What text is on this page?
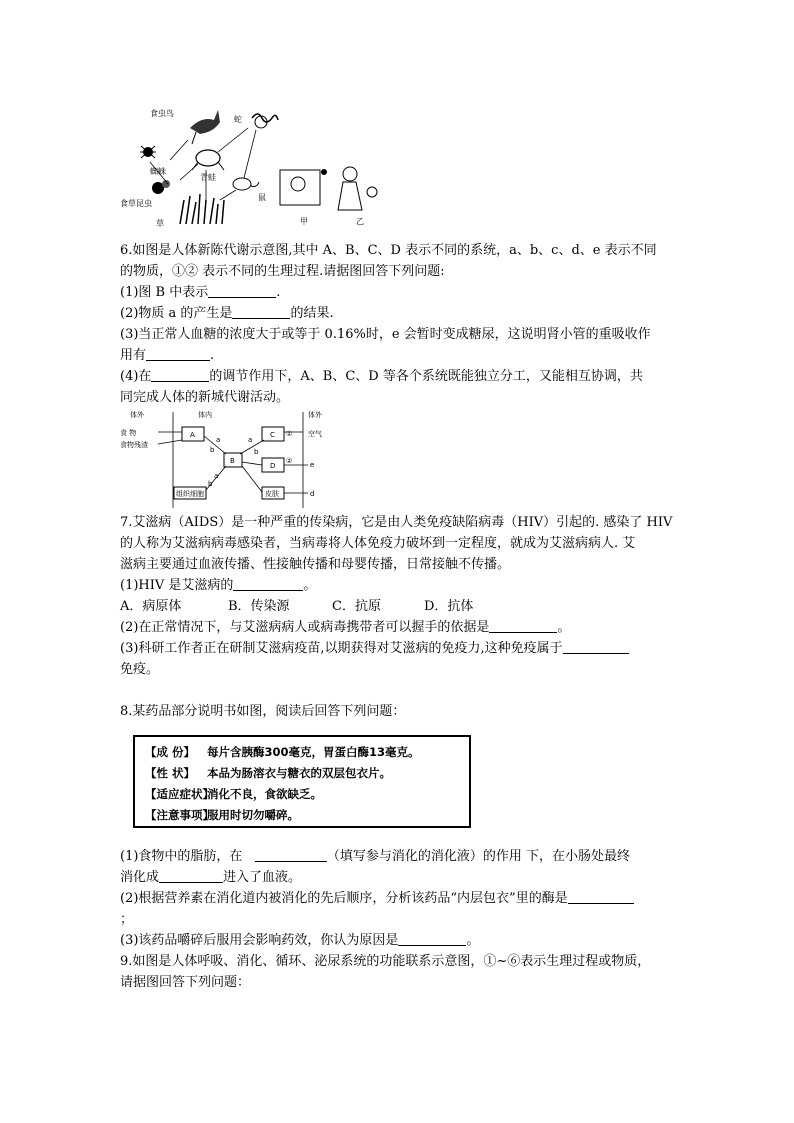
食虫鸟
蛇
蜘蛛
青蛙
食草昆虫
鼠
草	甲	乙
6.如图是人体新陈代谢示意图,其中 A、B、C、D 表示不同的系统，a、b、c、d、e 表示不同
的物质，①② 表示不同的生理过程.请据图回答下列问题:
(1)图 B 中表示	.
(2)物质 a 的产生是	的结果.
(3)当正常人血糖的浓度大于或等于 0.16%时，e 会暂时变成糖尿，这说明肾小管的重吸收作
用有	.
(4)在	的调节作用下，A、B、C、D 等各个系统既能独立分工，又能相互协调，共
同完成人体的新城代谢活动。
体外	体内	体外
食 物
食物残渣
A
B
C
D
组织细胞	皮肤
①
②
空气
a
b
a
b
a
b
e
d
7.艾滋病（AIDS）是一种严重的传染病，它是由人类免疫缺陷病毒（HIV）引起的. 感染了 HIV
的人称为艾滋病病毒感染者，当病毒将人体免疫力破坏到一定程度，就成为艾滋病病人. 艾
滋病主要通过血液传播、性接触传播和母婴传播，日常接触不传播。
(1)HIV 是艾滋病的	。
A．病原体	B．传染源	C．抗原	D．抗体
(2)在正常情况下，与艾滋病病人或病毒携带者可以握手的依据是	。
(3)科研工作者正在研制艾滋病疫苗,以期获得对艾滋病的免疫力,这种免疫属于
免疫。
8.某药品部分说明书如图，阅读后回答下列问题：
【成 份】 每片含胰酶300毫克，胃蛋白酶13毫克。
【性 状】 本品为肠溶衣与糖衣的双层包衣片。
【适应症状】消化不良，食欲缺乏。
【注意事项】服用时切勿嚼碎。
(1)食物中的脂肪，在	（填写参与消化的消化液）的作用 下，在小肠处最终
消化成	进入了血液。
(2)根据营养素在消化道内被消化的先后顺序，分析该药品“内层包衣”里的酶是
；
(3)该药品嚼碎后服用会影响药效，你认为原因是	。
9.如图是人体呼吸、消化、循环、泌尿系统的功能联系示意图，①~⑥表示生理过程或物质，
请据图回答下列问题：
